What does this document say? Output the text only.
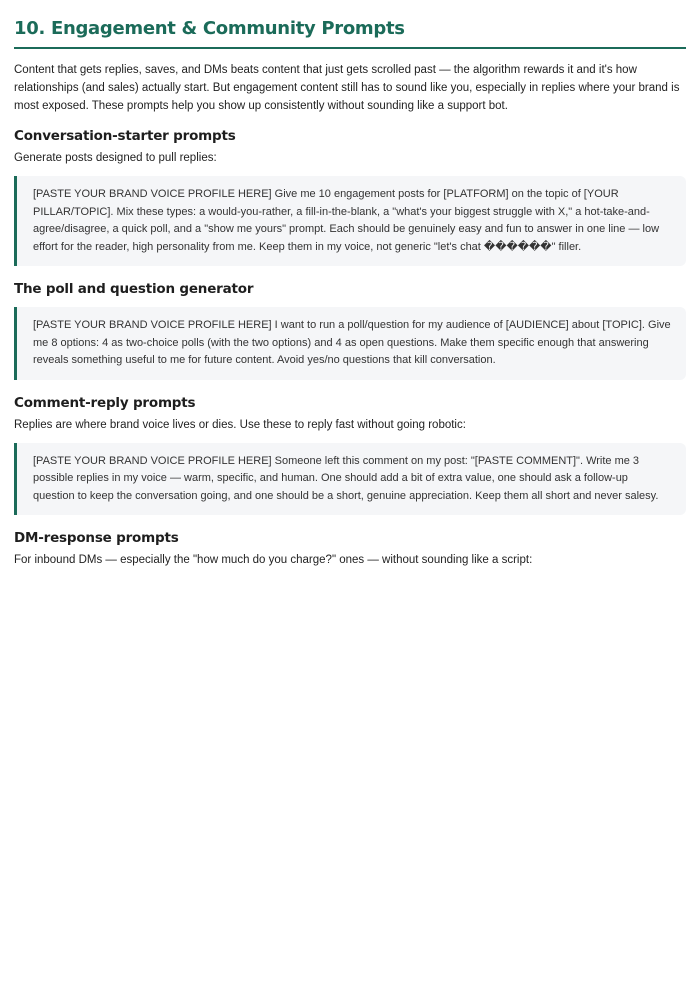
10. Engagement & Community Prompts

Content that gets replies, saves, and DMs beats content that just gets scrolled past — the algorithm rewards it and it's how relationships (and sales) actually start. But engagement content still has to sound like you, especially in replies where your brand is most exposed. These prompts help you show up consistently without sounding like a support bot.

Conversation-starter prompts

Generate posts designed to pull replies:

[PASTE YOUR BRAND VOICE PROFILE HERE] Give me 10 engagement posts for [PLATFORM] on the topic of [YOUR PILLAR/TOPIC]. Mix these types: a would-you-rather, a fill-in-the-blank, a "what's your biggest struggle with X," a hot-take-and-agree/disagree, a quick poll, and a "show me yours" prompt. Each should be genuinely easy and fun to answer in one line — low effort for the reader, high personality from me. Keep them in my voice, not generic "let's chat ������" filler.
The poll and question generator
[PASTE YOUR BRAND VOICE PROFILE HERE] I want to run a poll/question for my audience of [AUDIENCE] about [TOPIC]. Give me 8 options: 4 as two-choice polls (with the two options) and 4 as open questions. Make them specific enough that answering reveals something useful to me for future content. Avoid yes/no questions that kill conversation.
Comment-reply prompts

Replies are where brand voice lives or dies. Use these to reply fast without going robotic:

[PASTE YOUR BRAND VOICE PROFILE HERE] Someone left this comment on my post: "[PASTE COMMENT]". Write me 3 possible replies in my voice — warm, specific, and human. One should add a bit of extra value, one should ask a follow-up question to keep the conversation going, and one should be a short, genuine appreciation. Keep them all short and never salesy.
DM-response prompts

For inbound DMs — especially the "how much do you charge?" ones — without sounding like a script:
